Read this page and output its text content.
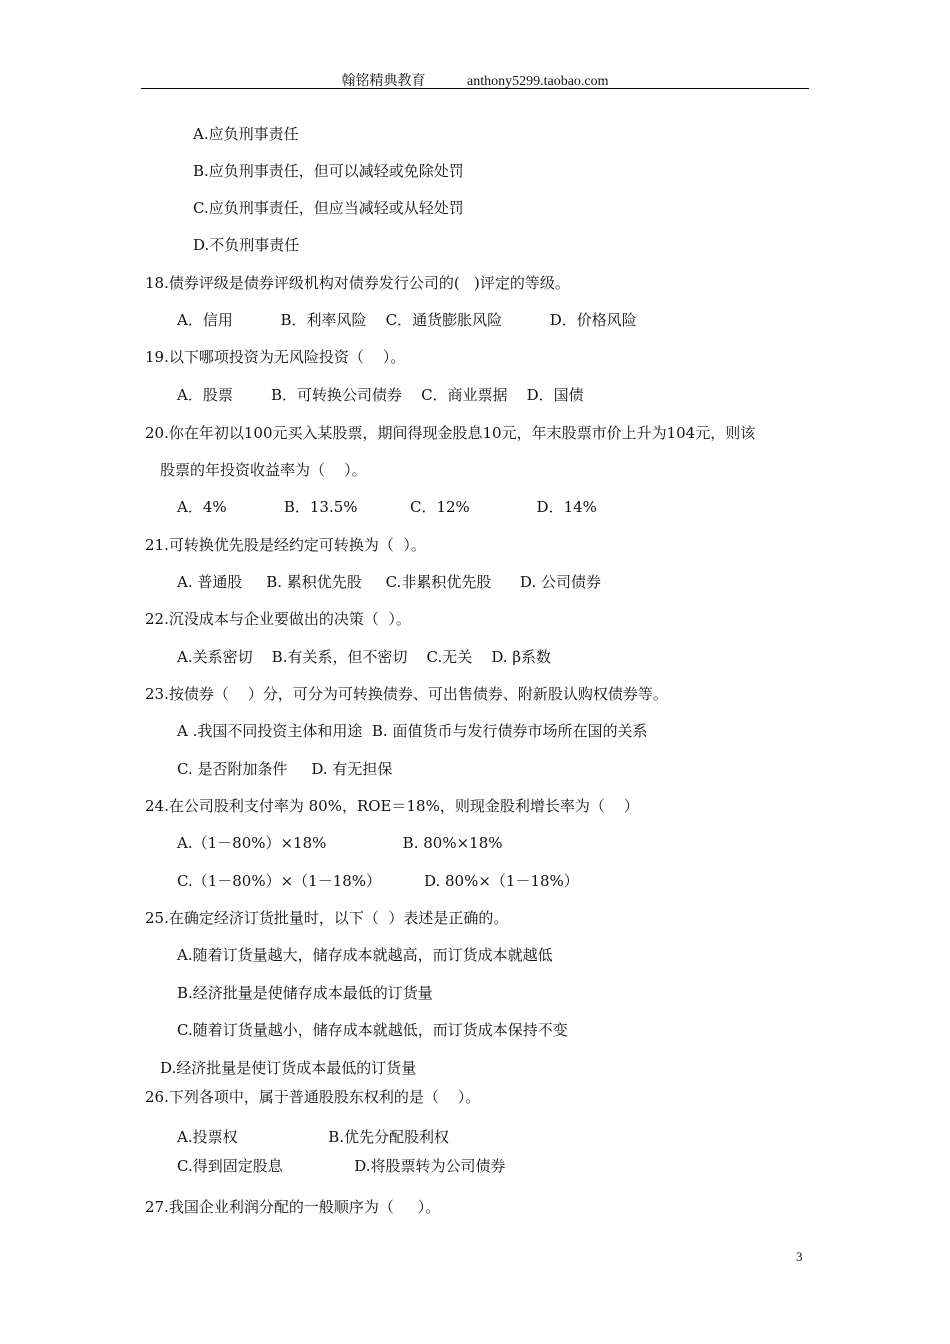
翰铭精典教育	anthony5299.taobao.com
A.应负刑事责任
B.应负刑事责任，但可以减轻或免除处罚
C.应负刑事责任，但应当减轻或从轻处罚
D.不负刑事责任
18.债券评级是债券评级机构对债券发行公司的(   )评定的等级。
A．信用          B．利率风险    C．通货膨胀风险          D．价格风险
19.以下哪项投资为无风险投资（    ）。
A．股票        B．可转换公司债券    C．商业票据    D．国债
20.你在年初以100元买入某股票，期间得现金股息10元，年末股票市价上升为104元，则该
股票的年投资收益率为（    ）。
A．4%            B．13.5%           C．12%              D．14%
21.可转换优先股是经约定可转换为（  ）。
A. 普通股     B. 累积优先股     C.非累积优先股      D. 公司债券
22.沉没成本与企业要做出的决策（  ）。
A.关系密切    B.有关系，但不密切    C.无关    D. β系数
23.按债券（    ）分，可分为可转换债券、可出售债券、附新股认购权债券等。
A .我国不同投资主体和用途  B. 面值货币与发行债券市场所在国的关系
C. 是否附加条件     D. 有无担保
24.在公司股利支付率为 80%，ROE＝18%，则现金股利增长率为（    ）
A.（1－80%）×18%                B. 80%×18%
C.（1－80%）×（1－18%）         D. 80%×（1－18%）
25.在确定经济订货批量时，以下（  ）表述是正确的。
A.随着订货量越大，储存成本就越高，而订货成本就越低
B.经济批量是使储存成本最低的订货量
C.随着订货量越小，储存成本就越低，而订货成本保持不变
D.经济批量是使订货成本最低的订货量
26.下列各项中，属于普通股股东权利的是（    ）。
A.投票权                   B.优先分配股利权
C.得到固定股息               D.将股票转为公司债券
27.我国企业利润分配的一般顺序为（     ）。
3
